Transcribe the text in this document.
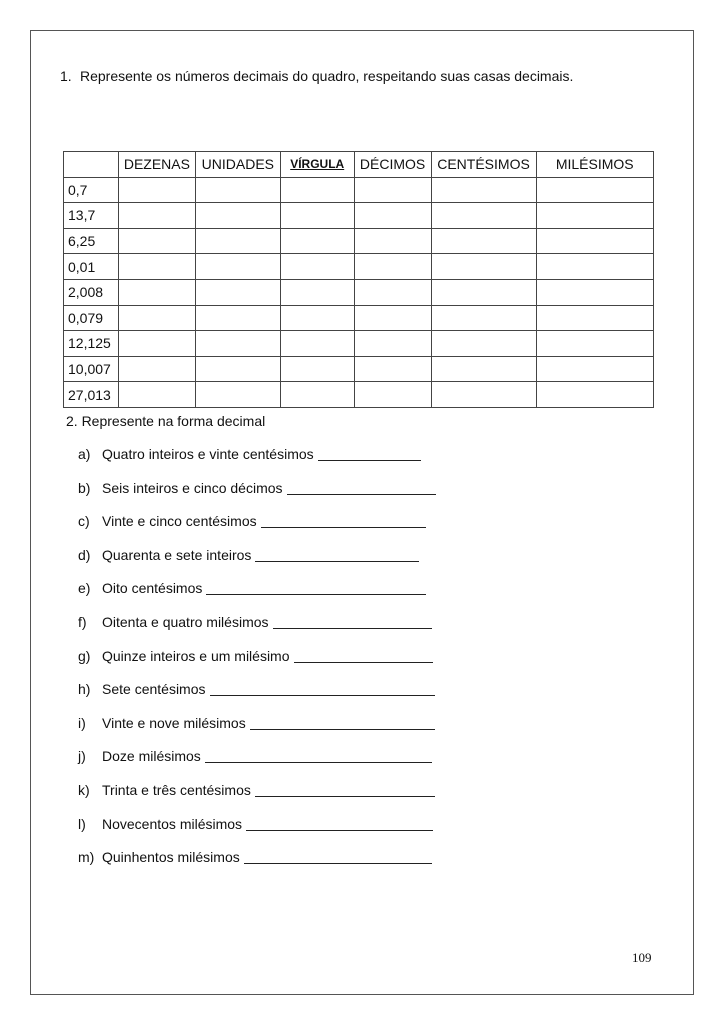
1. Represente os números decimais do quadro, respeitando suas casas decimais.
	DEZENAS	UNIDADES	VÍRGULA	DÉCIMOS	CENTÉSIMOS	MILÉSIMOS
0,7						
13,7						
6,25						
0,01						
2,008						
0,079						
12,125						
10,007						
27,013						
2. Represente na forma decimal
a) Quatro inteiros e vinte centésimos
b) Seis inteiros e cinco décimos
c) Vinte e cinco centésimos
d) Quarenta e sete inteiros
e) Oito centésimos
f)	Oitenta e quatro milésimos
g) Quinze inteiros e um milésimo
h) Sete centésimos
i)	Vinte e nove milésimos
j)	Doze milésimos
k) Trinta e três centésimos
l)	Novecentos milésimos
m) Quinhentos milésimos
109
